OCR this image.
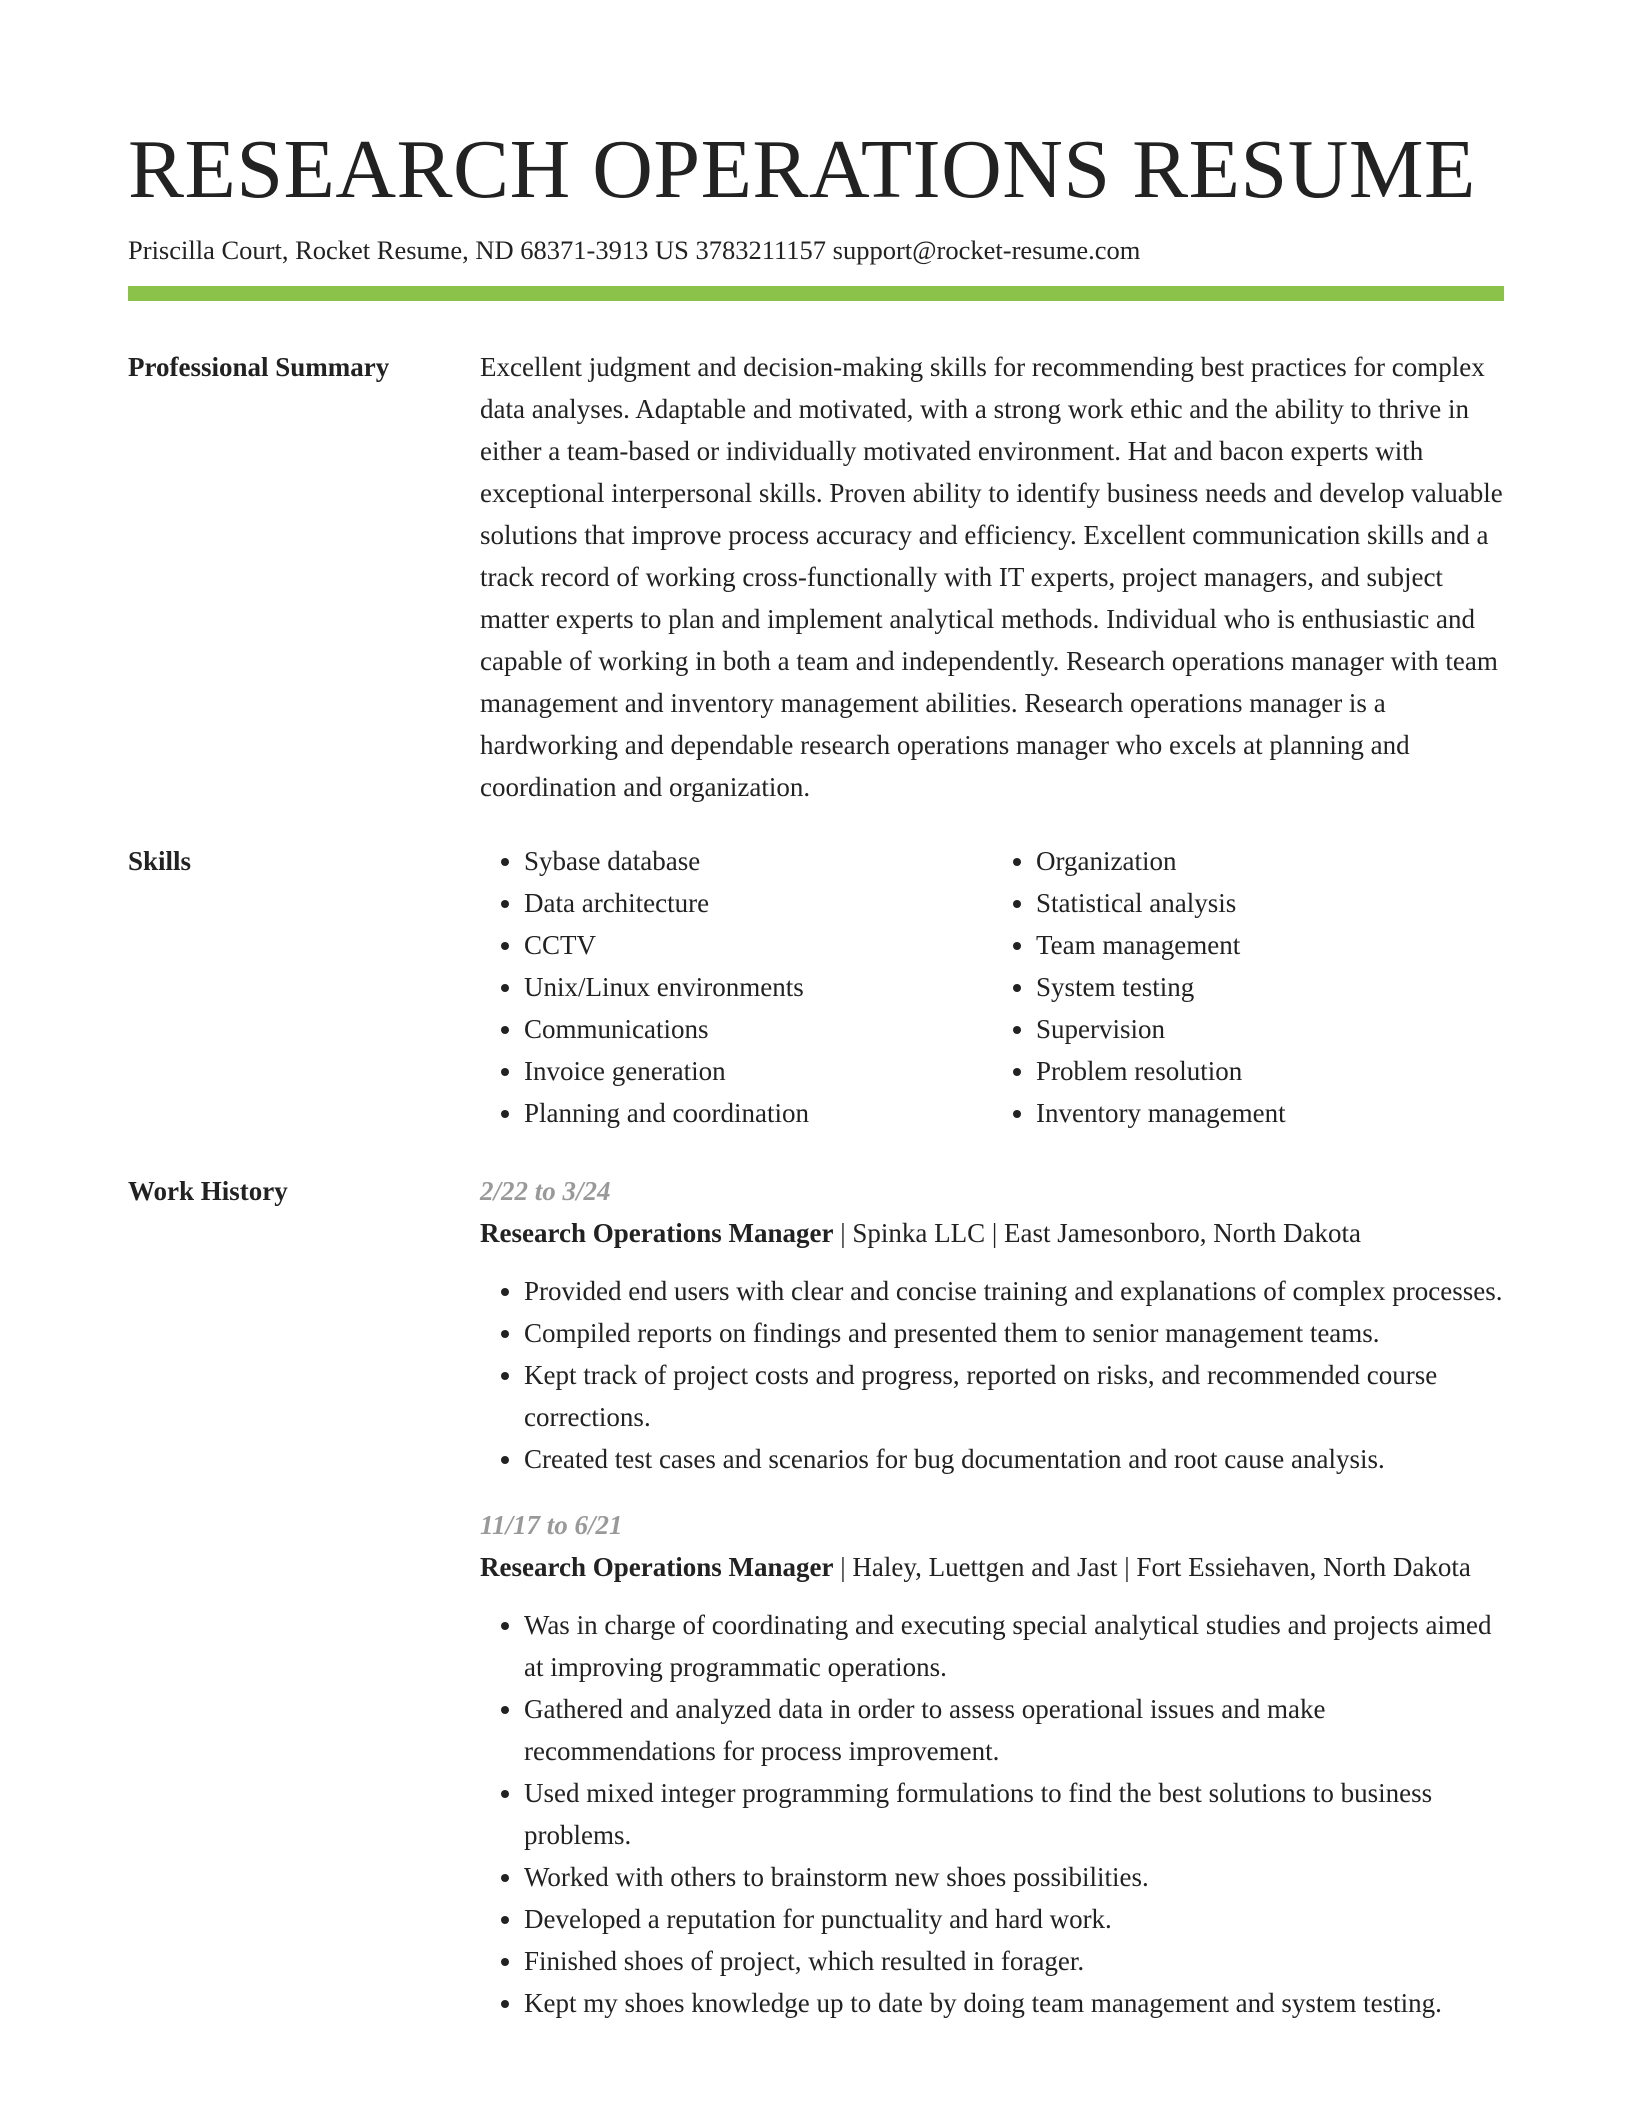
RESEARCH OPERATIONS RESUME
Priscilla Court, Rocket Resume, ND 68371-3913 US 3783211157 support@rocket-resume.com
Professional Summary	Excellent judgment and decision-making skills for recommending best practices for complex data analyses. Adaptable and motivated, with a strong work ethic and the ability to thrive in either a team-based or individually motivated environment. Hat and bacon experts with exceptional interpersonal skills. Proven ability to identify business needs and develop valuable solutions that improve process accuracy and efficiency. Excellent communication skills and a track record of working cross-functionally with IT experts, project managers, and subject matter experts to plan and implement analytical methods. Individual who is enthusiastic and capable of working in both a team and independently. Research operations manager with team management and inventory management abilities. Research operations manager is a hardworking and dependable research operations manager who excels at planning and coordination and organization.

Skills
•	Sybase database
• Data architecture
• CCTV
• Unix/Linux environments
• Communications
• Invoice generation
• Planning and coordination
• Organization
• Statistical analysis
• Team management
• System testing
• Supervision
• Problem resolution
• Inventory management
Work History	2/22 to 3/24
Research Operations Manager | Spinka LLC | East Jamesonboro, North Dakota
• Provided end users with clear and concise training and explanations of complex processes.
• Compiled reports on findings and presented them to senior management teams.
• Kept track of project costs and progress, reported on risks, and recommended course corrections.
• Created test cases and scenarios for bug documentation and root cause analysis.
11/17 to 6/21
Research Operations Manager | Haley, Luettgen and Jast | Fort Essiehaven, North Dakota
• Was in charge of coordinating and executing special analytical studies and projects aimed at improving programmatic operations.
• Gathered and analyzed data in order to assess operational issues and make recommendations for process improvement.
• Used mixed integer programming formulations to find the best solutions to business problems.
• Worked with others to brainstorm new shoes possibilities.
• Developed a reputation for punctuality and hard work.
• Finished shoes of project, which resulted in forager.
• Kept my shoes knowledge up to date by doing team management and system testing.
